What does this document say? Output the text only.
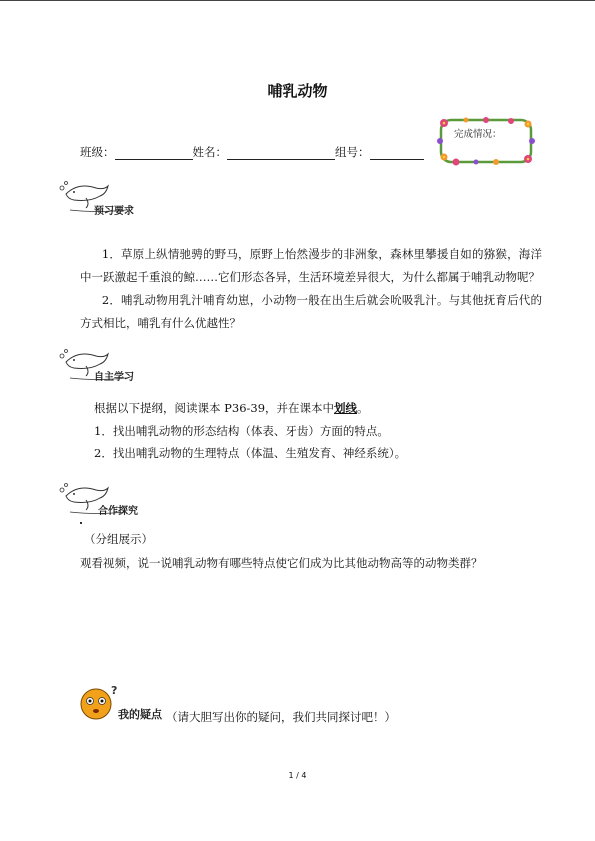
哺乳动物
班级：	姓名：	组号：
完成情况：
预习要求
1．草原上纵情驰骋的野马，原野上怡然漫步的非洲象，森林里攀援自如的猕猴，海洋中一跃激起千重浪的鲸……它们形态各异，生活环境差异很大，为什么都属于哺乳动物呢？
2．哺乳动物用乳汁哺育幼崽，小动物一般在出生后就会吮吸乳汁。与其他抚育后代的方式相比，哺乳有什么优越性？
自主学习
根据以下提纲，阅读课本 P36-39，并在课本中划线。
1．找出哺乳动物的形态结构（体表、牙齿）方面的特点。
2．找出哺乳动物的生理特点（体温、生殖发育、神经系统）。
合作探究
（分组展示）
观看视频，说一说哺乳动物有哪些特点使它们成为比其他动物高等的动物类群？
?
我的疑点 （请大胆写出你的疑问，我们共同探讨吧！）
1 / 4
